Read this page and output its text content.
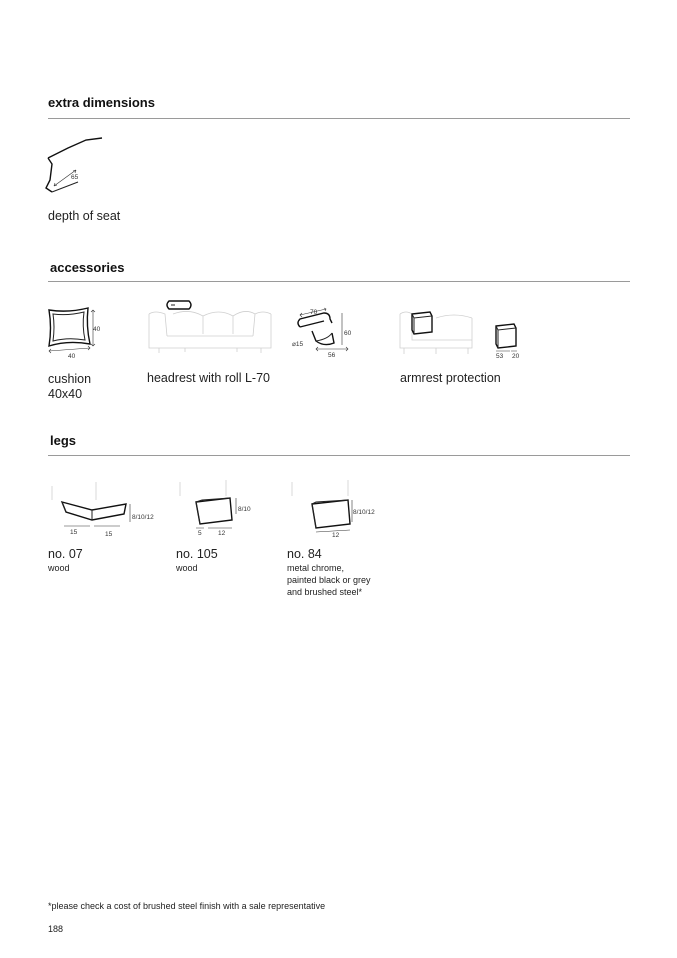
extra dimensions
65
depth of seat
accessories
40
40
cushion
40x40
headrest with roll L-70
70
60
⌀15
56	53 20
armrest protection
legs
8/10/12
15	15
no. 07
wood
8/10
5	12
no. 105
wood
8/10/12
12
no. 84
metal chrome,
painted black or grey
and brushed steel*
*please check a cost of brushed steel finish with a sale representative
188
